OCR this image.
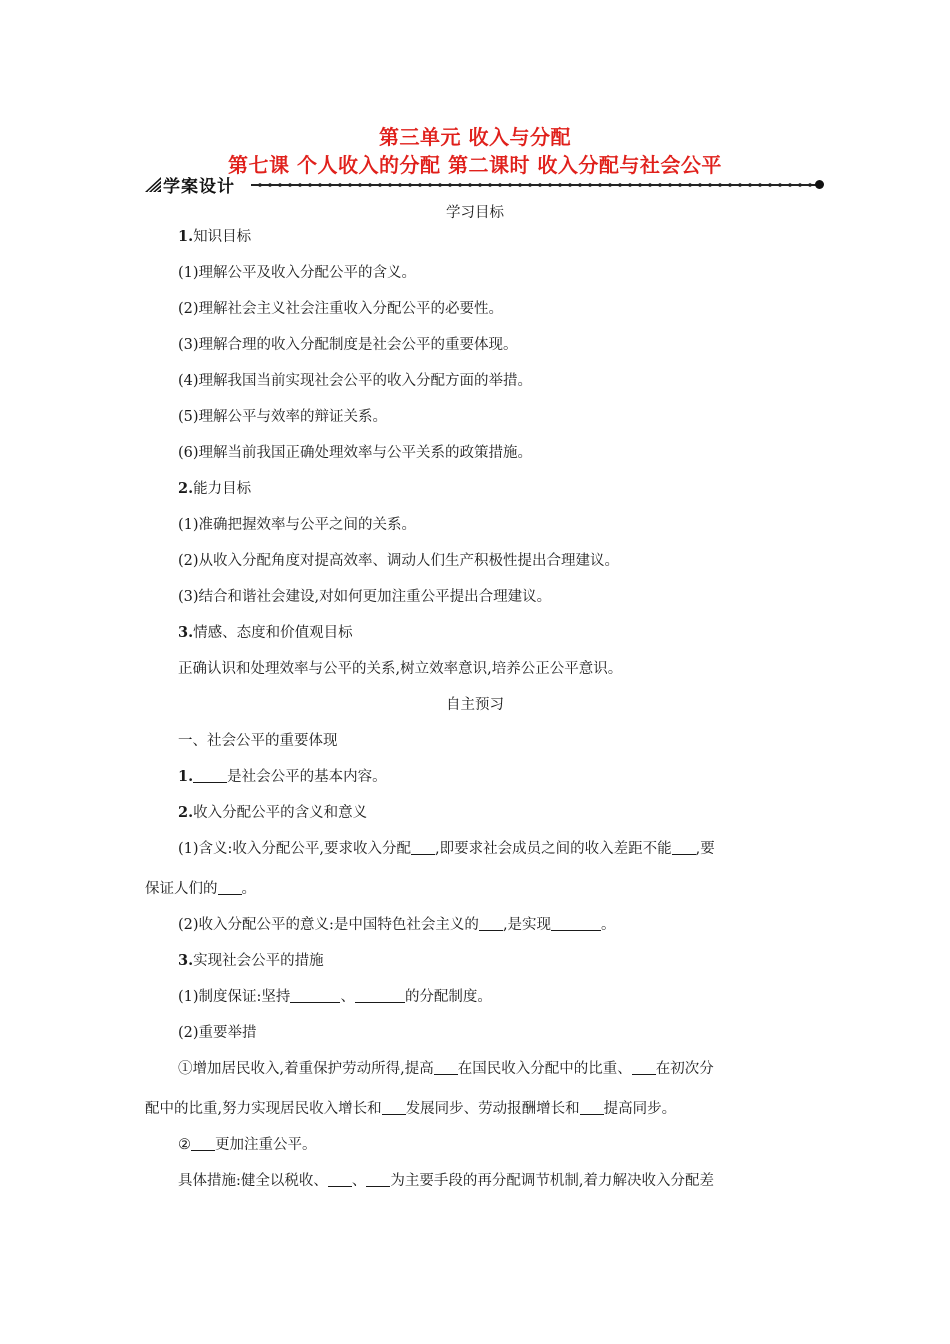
第三单元 收入与分配
第七课 个人收入的分配 第二课时 收入分配与社会公平
学案设计
学习目标
1.知识目标
(1)理解公平及收入分配公平的含义。
(2)理解社会主义社会注重收入分配公平的必要性。
(3)理解合理的收入分配制度是社会公平的重要体现。
(4)理解我国当前实现社会公平的收入分配方面的举措。
(5)理解公平与效率的辩证关系。
(6)理解当前我国正确处理效率与公平关系的政策措施。
2.能力目标
(1)准确把握效率与公平之间的关系。
(2)从收入分配角度对提高效率、调动人们生产积极性提出合理建议。
(3)结合和谐社会建设,对如何更加注重公平提出合理建议。
3.情感、态度和价值观目标
正确认识和处理效率与公平的关系,树立效率意识,培养公正公平意识。
自主预习
一、社会公平的重要体现
1. 是社会公平的基本内容。
2.收入分配公平的含义和意义
(1)含义:收入分配公平,要求收入分配 ,即要求社会成员之间的收入差距不能 ,要
保证人们的 。
(2)收入分配公平的意义:是中国特色社会主义的 ,是实现	。
3.实现社会公平的措施
(1)制度保证:坚持	、	的分配制度。
(2)重要举措
①增加居民收入,着重保护劳动所得,提高 在国民收入分配中的比重、 在初次分
配中的比重,努力实现居民收入增长和 发展同步、劳动报酬增长和 提高同步。
② 更加注重公平。
具体措施:健全以税收、 、 为主要手段的再分配调节机制,着力解决收入分配差
